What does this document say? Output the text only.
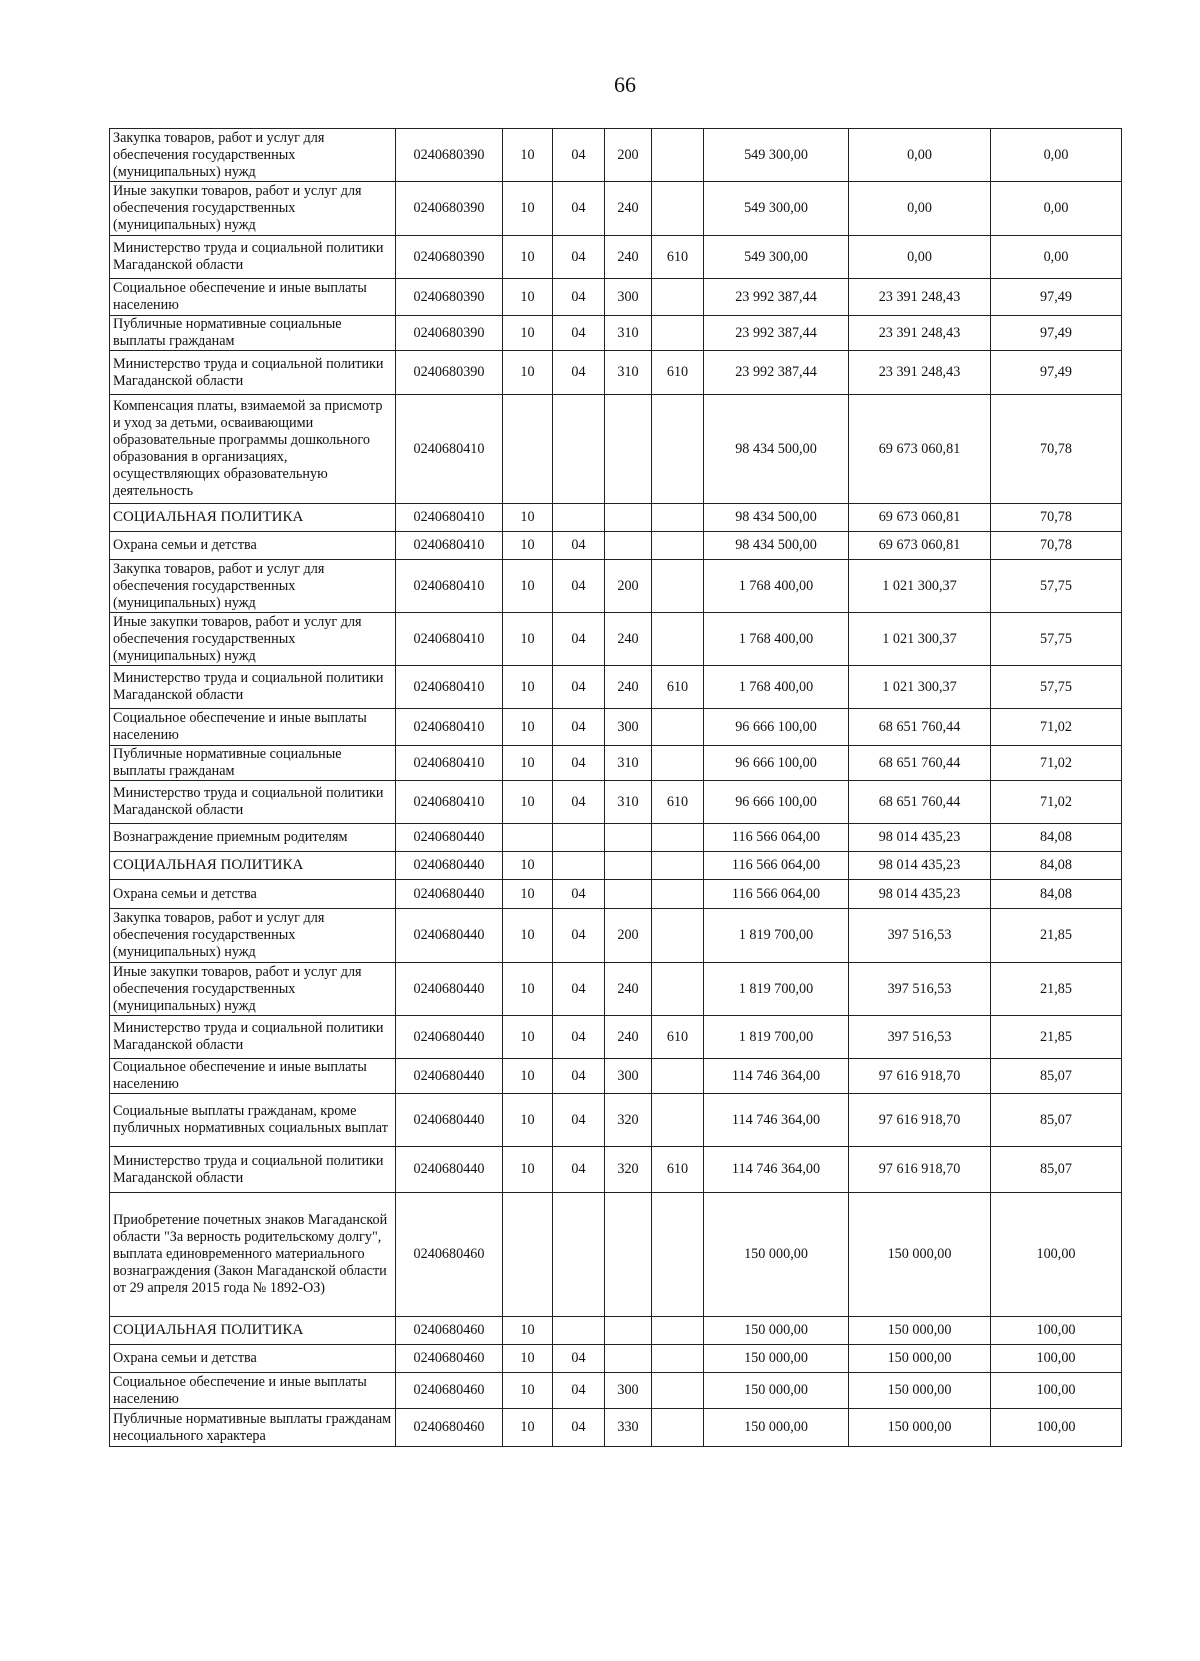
66
Закупка товаров, работ и услуг для обеспечения государственных (муниципальных) нужд	0240680390	10	04	200		549 300,00	0,00	0,00
Иные закупки товаров, работ и услуг для обеспечения государственных (муниципальных) нужд	0240680390	10	04	240		549 300,00	0,00	0,00
Министерство труда и социальной политики Магаданской области	0240680390	10	04	240	610	549 300,00	0,00	0,00
Социальное обеспечение и иные выплаты населению	0240680390	10	04	300		23 992 387,44	23 391 248,43	97,49
Публичные нормативные социальные выплаты гражданам	0240680390	10	04	310		23 992 387,44	23 391 248,43	97,49
Министерство труда и социальной политики Магаданской области	0240680390	10	04	310	610	23 992 387,44	23 391 248,43	97,49
Компенсация платы, взимаемой за присмотр и уход за детьми, осваивающими образовательные программы дошкольного образования в организациях, осуществляющих образовательную деятельность	0240680410					98 434 500,00	69 673 060,81	70,78
СОЦИАЛЬНАЯ ПОЛИТИКА	0240680410	10				98 434 500,00	69 673 060,81	70,78
Охрана семьи и детства	0240680410	10	04			98 434 500,00	69 673 060,81	70,78
Закупка товаров, работ и услуг для обеспечения государственных (муниципальных) нужд	0240680410	10	04	200		1 768 400,00	1 021 300,37	57,75
Иные закупки товаров, работ и услуг для обеспечения государственных (муниципальных) нужд	0240680410	10	04	240		1 768 400,00	1 021 300,37	57,75
Министерство труда и социальной политики Магаданской области	0240680410	10	04	240	610	1 768 400,00	1 021 300,37	57,75
Социальное обеспечение и иные выплаты населению	0240680410	10	04	300		96 666 100,00	68 651 760,44	71,02
Публичные нормативные социальные выплаты гражданам	0240680410	10	04	310		96 666 100,00	68 651 760,44	71,02
Министерство труда и социальной политики Магаданской области	0240680410	10	04	310	610	96 666 100,00	68 651 760,44	71,02
Вознаграждение приемным родителям	0240680440					116 566 064,00	98 014 435,23	84,08
СОЦИАЛЬНАЯ ПОЛИТИКА	0240680440	10				116 566 064,00	98 014 435,23	84,08
Охрана семьи и детства	0240680440	10	04			116 566 064,00	98 014 435,23	84,08
Закупка товаров, работ и услуг для обеспечения государственных (муниципальных) нужд	0240680440	10	04	200		1 819 700,00	397 516,53	21,85
Иные закупки товаров, работ и услуг для обеспечения государственных (муниципальных) нужд	0240680440	10	04	240		1 819 700,00	397 516,53	21,85
Министерство труда и социальной политики Магаданской области	0240680440	10	04	240	610	1 819 700,00	397 516,53	21,85
Социальное обеспечение и иные выплаты населению	0240680440	10	04	300		114 746 364,00	97 616 918,70	85,07
Социальные выплаты гражданам, кроме публичных нормативных социальных выплат	0240680440	10	04	320		114 746 364,00	97 616 918,70	85,07
Министерство труда и социальной политики Магаданской области	0240680440	10	04	320	610	114 746 364,00	97 616 918,70	85,07
Приобретение почетных знаков Магаданской области "За верность родительскому долгу", выплата единовременного материального вознаграждения (Закон Магаданской области от 29 апреля 2015 года № 1892-ОЗ)	0240680460					150 000,00	150 000,00	100,00
СОЦИАЛЬНАЯ ПОЛИТИКА	0240680460	10				150 000,00	150 000,00	100,00
Охрана семьи и детства	0240680460	10	04			150 000,00	150 000,00	100,00
Социальное обеспечение и иные выплаты населению	0240680460	10	04	300		150 000,00	150 000,00	100,00
Публичные нормативные выплаты гражданам несоциального характера	0240680460	10	04	330		150 000,00	150 000,00	100,00
